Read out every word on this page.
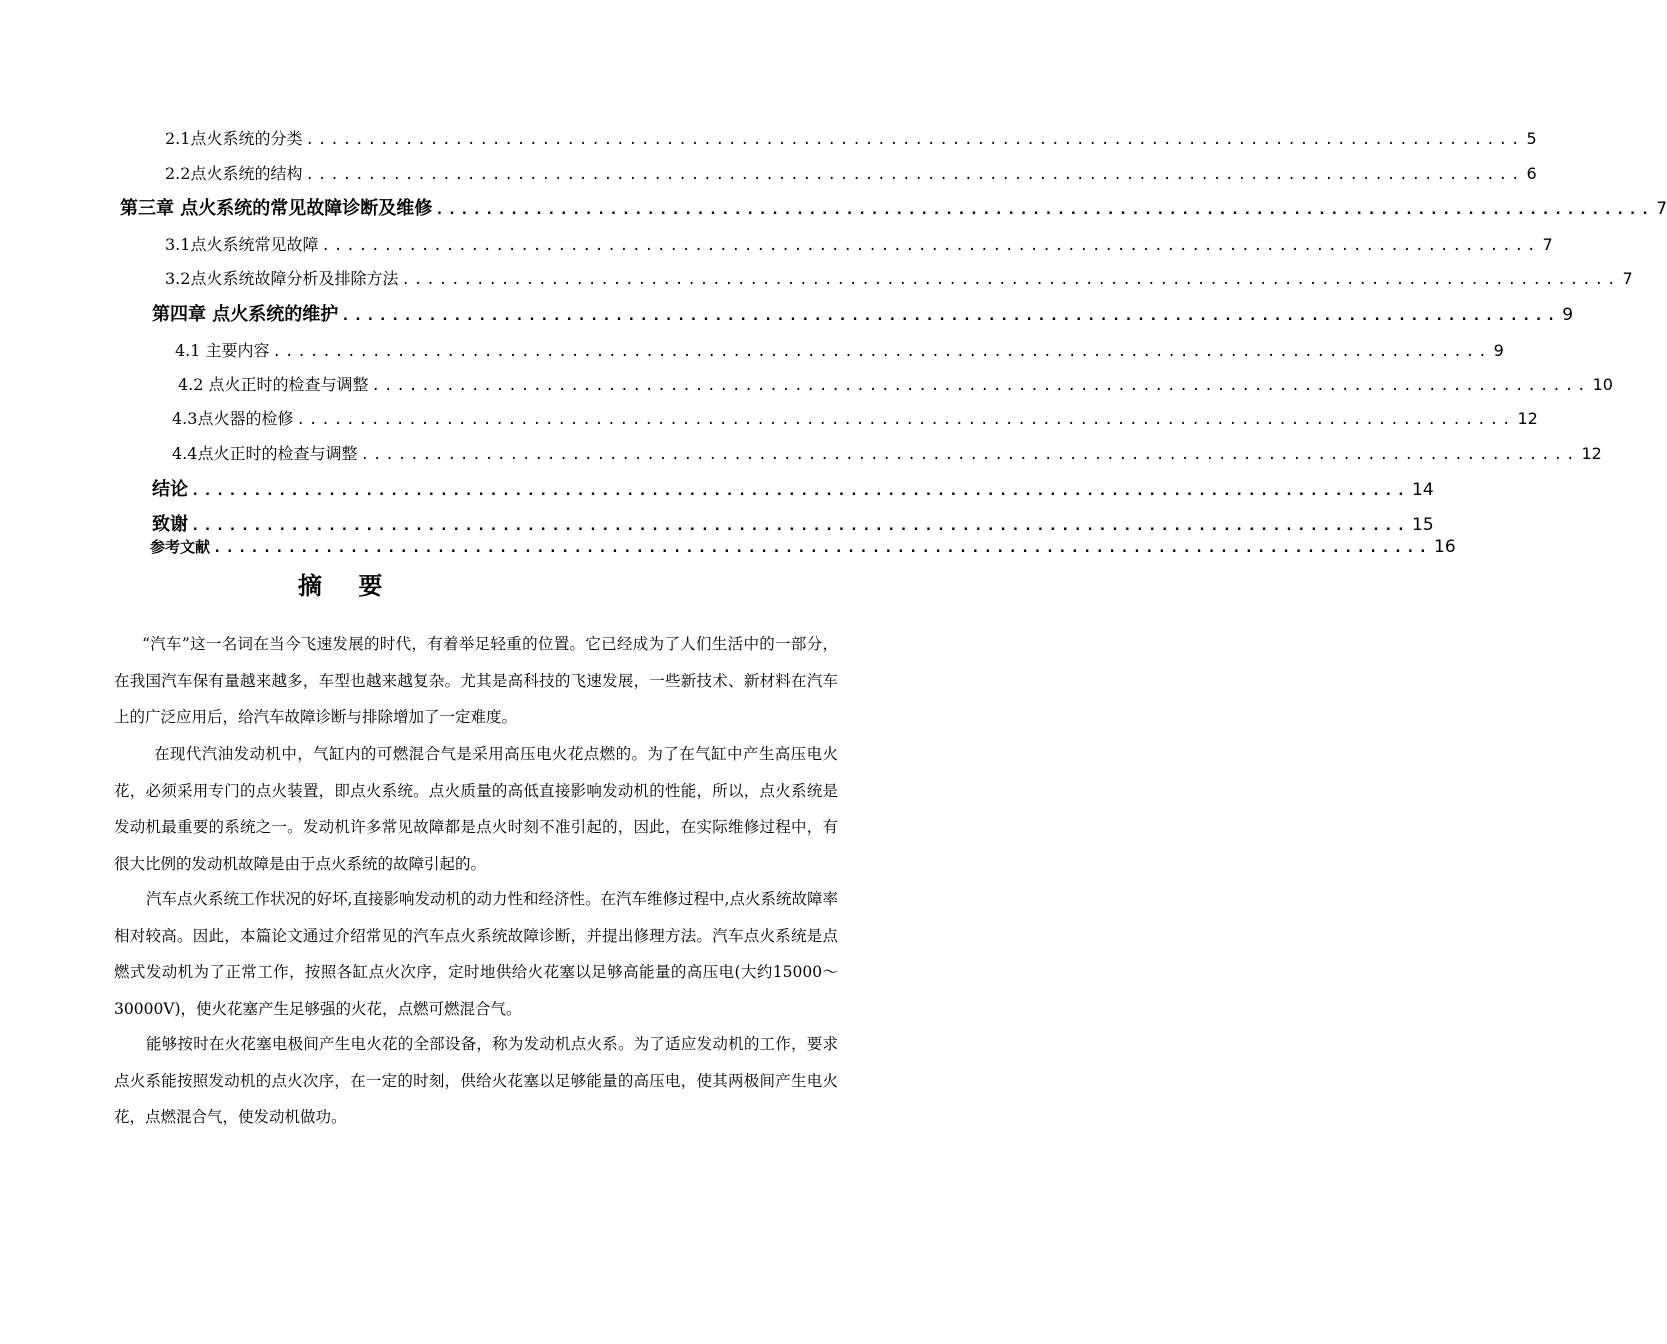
2.1点火系统的分类 .................................................................................................. 5
2.2点火系统的结构 .................................................................................................. 6
第三章 点火系统的常见故障诊断及维修 .................................................................................................. 7
3.1点火系统常见故障 .................................................................................................. 7
3.2点火系统故障分析及排除方法 .................................................................................................. 7
第四章 点火系统的维护 .................................................................................................. 9
4.1 主要内容 .................................................................................................. 9
4.2 点火正时的检查与调整 .................................................................................................. 10
4.3点火器的检修 .................................................................................................. 12
4.4点火正时的检查与调整 .................................................................................................. 12
结论 .................................................................................................. 14
致谢 .................................................................................................. 15
参考文献 .................................................................................................. 16
摘 要

“汽车”这一名词在当今飞速发展的时代，有着举足轻重的位置。它已经成为了人们生活中的一部分，在我国汽车保有量越来越多，车型也越来越复杂。尤其是高科技的飞速发展，一些新技术、新材料在汽车上的广泛应用后，给汽车故障诊断与排除增加了一定难度。

在现代汽油发动机中，气缸内的可燃混合气是采用高压电火花点燃的。为了在气缸中产生高压电火花，必须采用专门的点火装置，即点火系统。点火质量的高低直接影响发动机的性能，所以，点火系统是发动机最重要的系统之一。发动机许多常见故障都是点火时刻不准引起的，因此，在实际维修过程中，有很大比例的发动机故障是由于点火系统的故障引起的。

汽车点火系统工作状况的好坏,直接影响发动机的动力性和经济性。在汽车维修过程中,点火系统故障率相对较高。因此，本篇论文通过介绍常见的汽车点火系统故障诊断，并提出修理方法。汽车点火系统是点燃式发动机为了正常工作，按照各缸点火次序，定时地供给火花塞以足够高能量的高压电(大约15000～30000V)，使火花塞产生足够强的火花，点燃可燃混合气。

能够按时在火花塞电极间产生电火花的全部设备，称为发动机点火系。为了适应发动机的工作，要求点火系能按照发动机的点火次序，在一定的时刻，供给火花塞以足够能量的高压电，使其两极间产生电火花，点燃混合气，使发动机做功。
